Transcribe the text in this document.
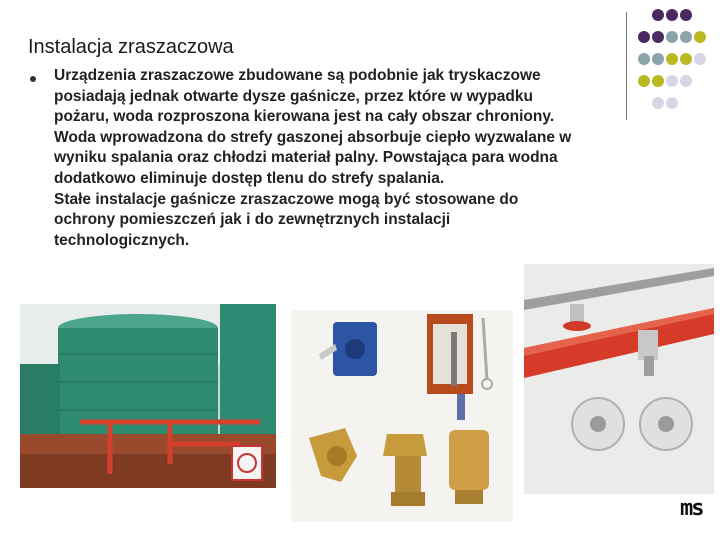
Instalacja zraszaczowa

Urządzenia zraszaczowe zbudowane są podobnie jak tryskaczowe
posiadają jednak otwarte dysze gaśnicze, przez które w wypadku
pożaru, woda rozproszona kierowana jest na cały obszar chroniony.
Woda wprowadzona do strefy gaszonej absorbuje ciepło wyzwalane w
wyniku spalania oraz chłodzi materiał palny. Powstająca para wodna
dodatkowo eliminuje dostęp tlenu do strefy spalania.
Stałe instalacje gaśnicze zraszaczowe mogą być stosowane do
ochrony pomieszczeń jak i do zewnętrznych instalacji
technologicznych.

ms
